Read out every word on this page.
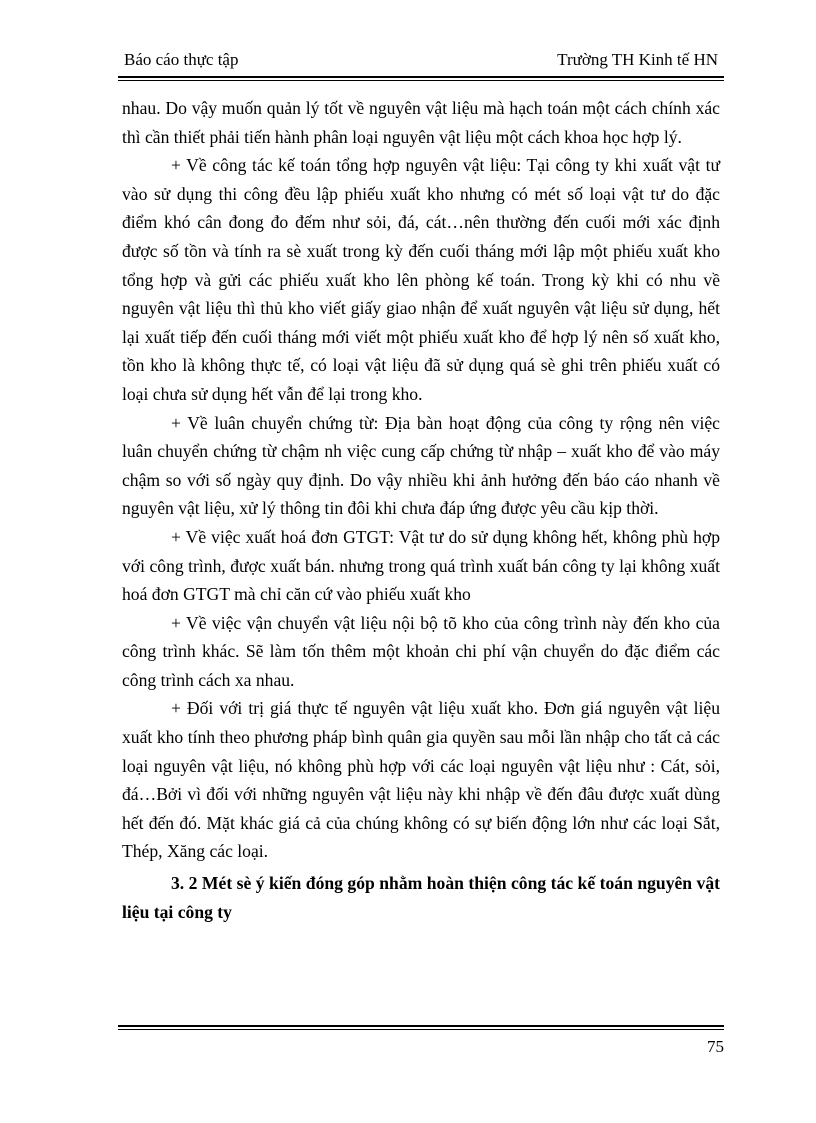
Báo cáo thực tập	Trường TH Kinh tế HN

nhau. Do vậy muốn quản lý tốt về nguyên vật liệu mà hạch toán một cách chính xác thì cần thiết phải tiến hành phân loại nguyên vật liệu một cách khoa học hợp lý.

+ Về công tác kế toán tổng hợp nguyên vật liệu: Tại công ty khi xuất vật tư vào sử dụng thi công đều lập phiếu xuất kho nhưng có mét số loại vật tư do đặc điểm khó cân đong đo đếm như sỏi, đá, cát…nên thường đến cuối mới xác định được số tồn và tính ra sè xuất trong kỳ đến cuối tháng mới lập một phiếu xuất kho tổng hợp và gửi các phiếu xuất kho lên phòng kế toán. Trong kỳ khi có nhu về nguyên vật liệu thì thủ kho viết giấy giao nhận để xuất nguyên vật liệu sử dụng, hết lại xuất tiếp đến cuối tháng mới viết một phiếu xuất kho để hợp lý nên số xuất kho, tồn kho là không thực tế, có loại vật liệu đã sử dụng quá sè ghi trên phiếu xuất có loại chưa sử dụng hết vẫn để lại trong kho.

+ Về luân chuyển chứng từ: Địa bàn hoạt động của công ty rộng nên việc luân chuyển chứng từ chậm nh việc cung cấp chứng từ nhập – xuất kho để vào máy chậm so với số ngày quy định. Do vậy nhiều khi ảnh hưởng đến báo cáo nhanh về nguyên vật liệu, xử lý thông tin đôi khi chưa đáp ứng được yêu cầu kịp thời.

+ Về việc xuất hoá đơn GTGT: Vật tư do sử dụng không hết, không phù hợp với công trình, được xuất bán. nhưng trong quá trình xuất bán công ty lại không xuất hoá đơn GTGT mà chỉ căn cứ vào phiếu xuất kho

+ Về việc vận chuyển vật liệu nội bộ tõ kho của công trình này đến kho của công trình khác. Sẽ làm tốn thêm một khoản chi phí vận chuyển do đặc điểm các công trình cách xa nhau.

+ Đối với trị giá thực tế nguyên vật liệu xuất kho. Đơn giá nguyên vật liệu xuất kho tính theo phương pháp bình quân gia quyền sau mỗi lần nhập cho tất cả các loại nguyên vật liệu, nó không phù hợp với các loại nguyên vật liệu như : Cát, sỏi, đá…Bởi vì đối với những nguyên vật liệu này khi nhập về đến đâu được xuất dùng hết đến đó. Mặt khác giá cả của chúng không có sự biến động lớn như các loại Sắt, Thép, Xăng các loại.

3. 2 Mét sè ý kiến đóng góp nhằm hoàn thiện công tác kế toán nguyên vật liệu tại công ty

75
